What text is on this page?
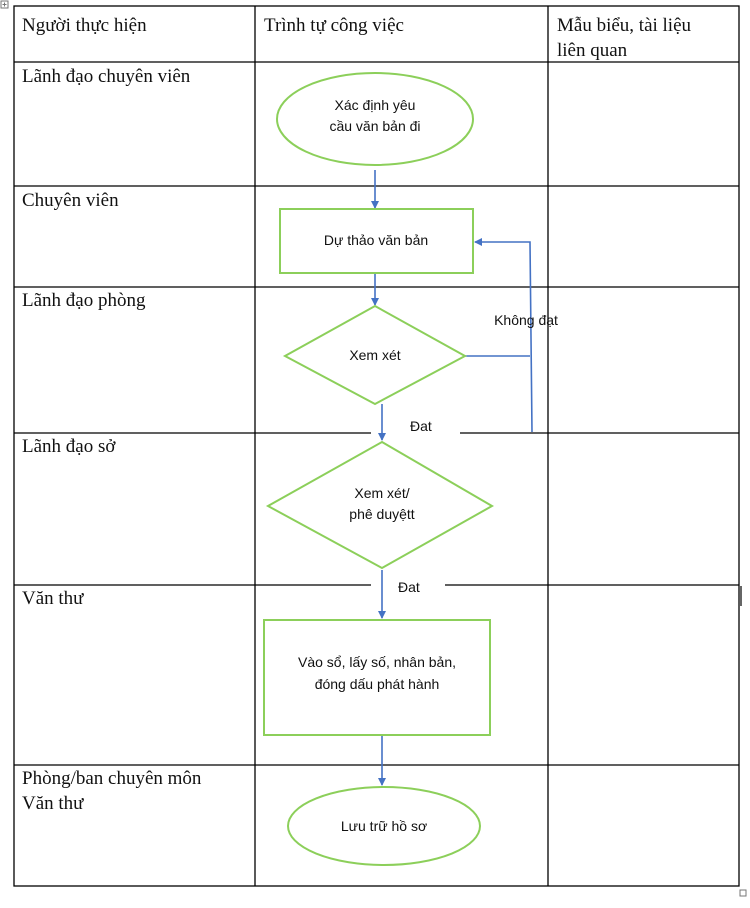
Người thực hiện	Trình tự công việc	Mẫu biểu, tài liệu
liên quan
Lãnh đạo chuyên viên
Chuyên viên
Lãnh đạo phòng
Lãnh đạo sở
Văn thư
Phòng/ban chuyên môn
Văn thư
Xác định yêu
cầu văn bản đi
Dự thảo văn bản
Xem xét
Xem xét/
phê duyệtt
Vào sổ, lấy số, nhân bản,
đóng dấu phát hành
Lưu trữ hồ sơ
Không đạt
Đat
Đat
